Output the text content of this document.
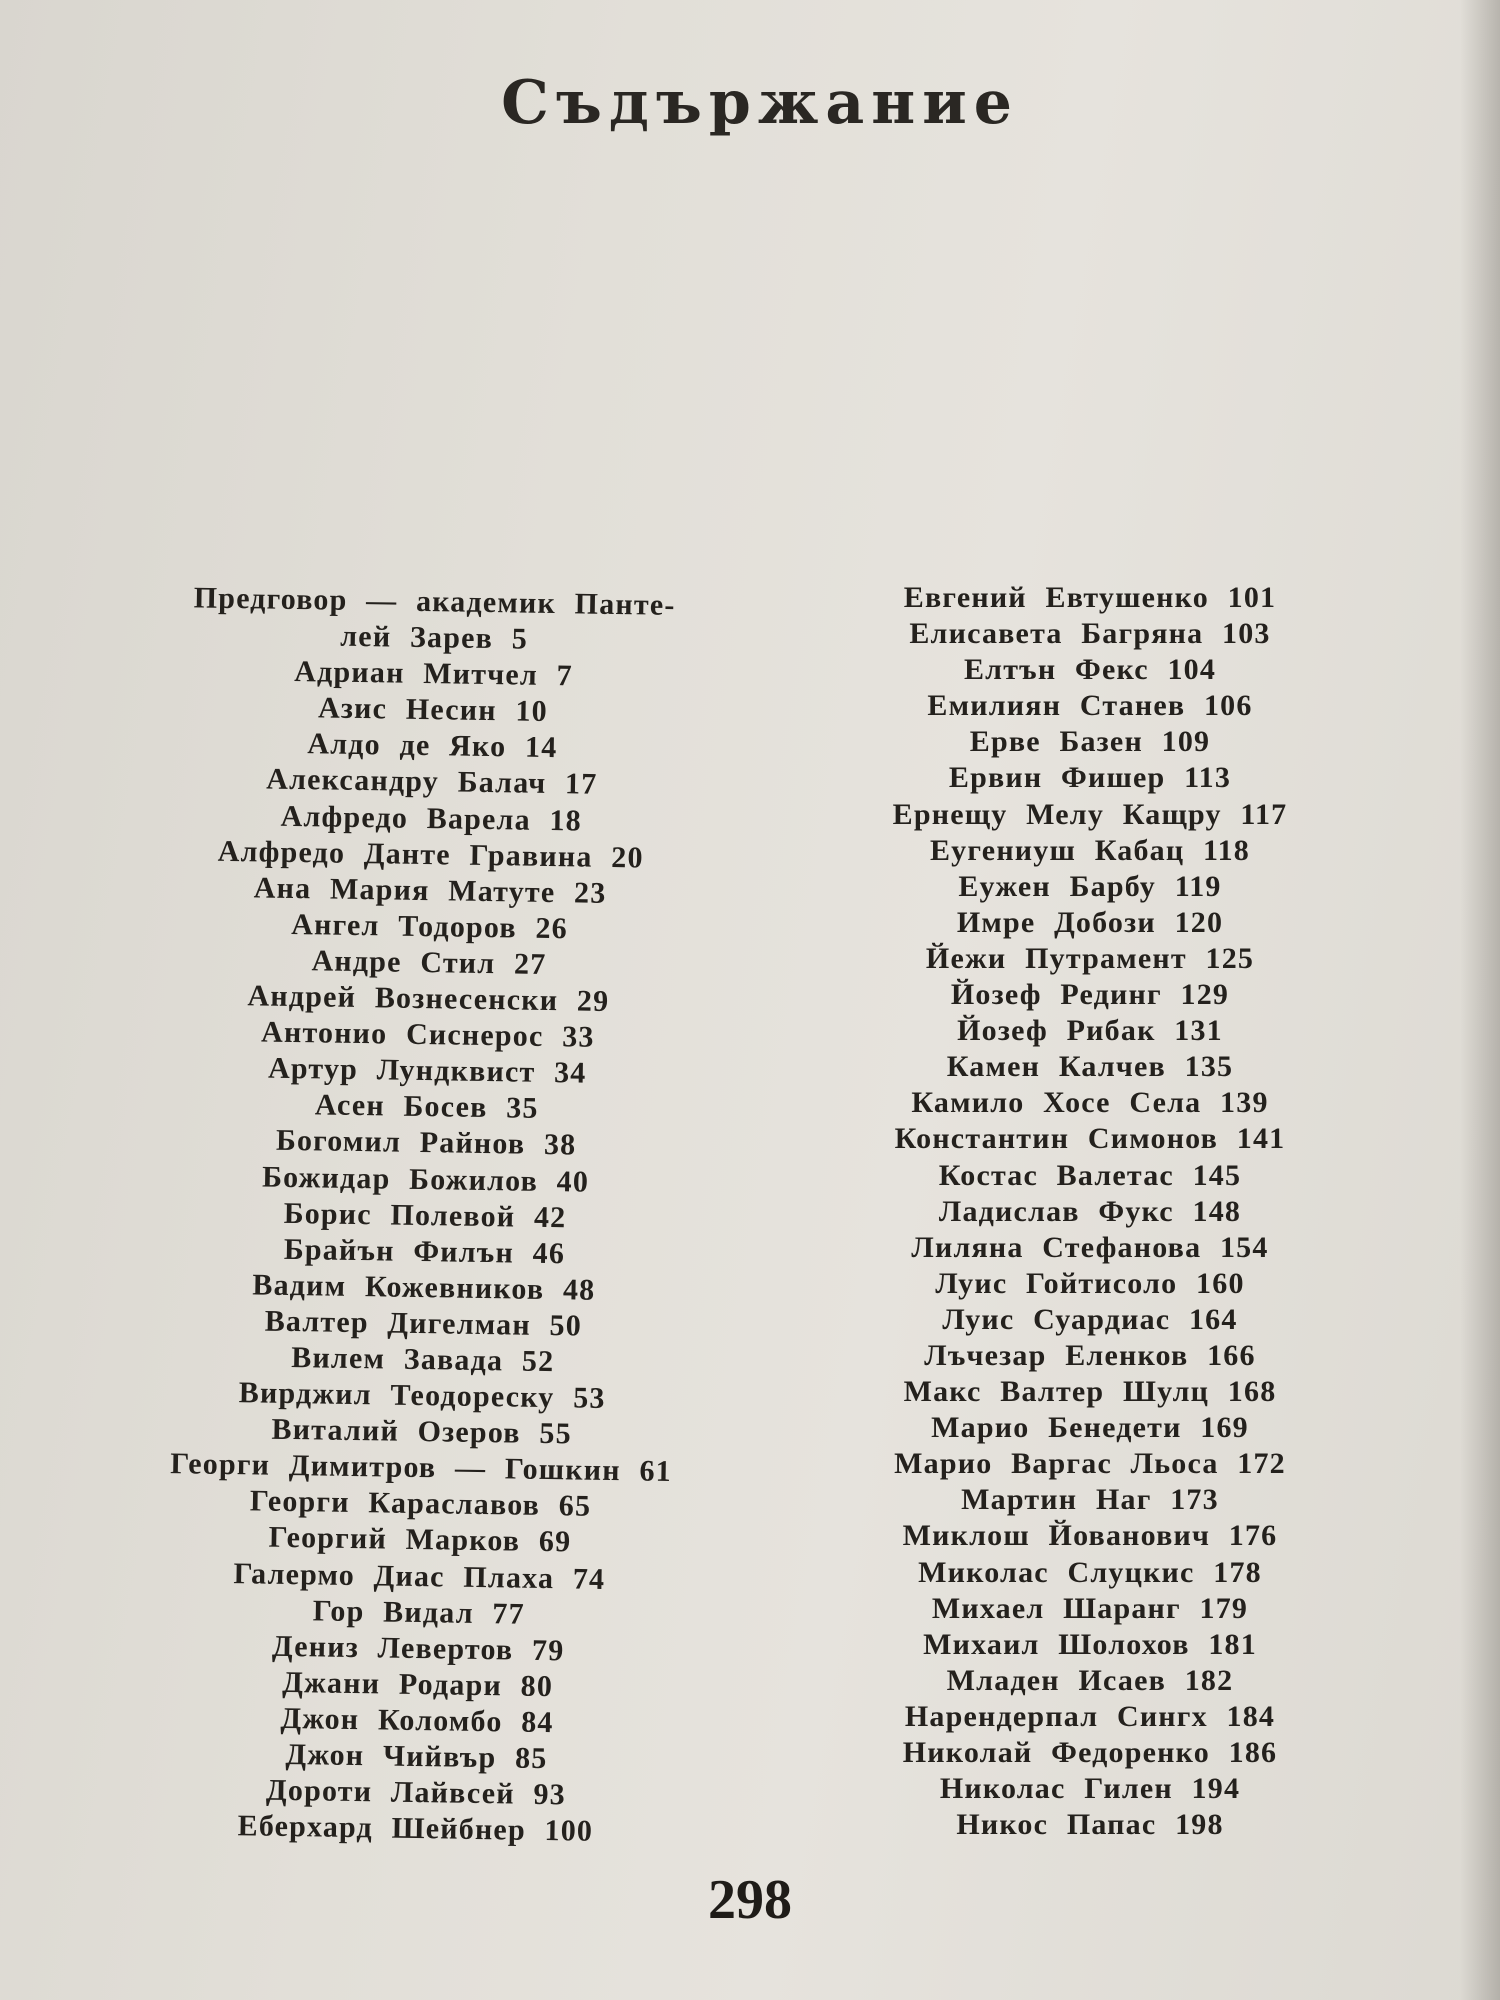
Съдържание
Предговор — академик Панте-
лей Зарев 5
Адриан Митчел 7
Азис Несин 10
Алдо де Яко 14
Александру Балач 17
Алфредо Варела 18
Алфредо Данте Гравина 20
Ана Мария Матуте 23
Ангел Тодоров 26
Андре Стил 27
Андрей Вознесенски 29
Антонио Сиснерос 33
Артур Лундквист 34
Асен Босев 35
Богомил Райнов 38
Божидар Божилов 40
Борис Полевой 42
Брайън Филън 46
Вадим Кожевников 48
Валтер Дигелман 50
Вилем Завада 52
Вирджил Теодореску 53
Виталий Озеров 55
Георги Димитров — Гошкин 61
Георги Караславов 65
Георгий Марков 69
Галермо Диас Плаха 74
Гор Видал 77
Дениз Левертов 79
Джани Родари 80
Джон Коломбо 84
Джон Чийвър 85
Дороти Лайвсей 93
Еберхард Шейбнер 100
Евгений Евтушенко 101
Елисавета Багряна 103
Елтън Фекс 104
Емилиян Станев 106
Ерве Базен 109
Ервин Фишер 113
Ернещу Мелу Кащру 117
Еугениуш Кабац 118
Еужен Барбу 119
Имре Добози 120
Йежи Путрамент 125
Йозеф Рединг 129
Йозеф Рибак 131
Камен Калчев 135
Камило Хосе Села 139
Константин Симонов 141
Костас Валетас 145
Ладислав Фукс 148
Лиляна Стефанова 154
Луис Гойтисоло 160
Луис Суардиас 164
Лъчезар Еленков 166
Макс Валтер Шулц 168
Марио Бенедети 169
Марио Варгас Льоса 172
Мартин Наг 173
Миклош Йованович 176
Миколас Слуцкис 178
Михаел Шаранг 179
Михаил Шолохов 181
Младен Исаев 182
Нарендерпал Сингх 184
Николай Федоренко 186
Николас Гилен 194
Никос Папас 198
298
